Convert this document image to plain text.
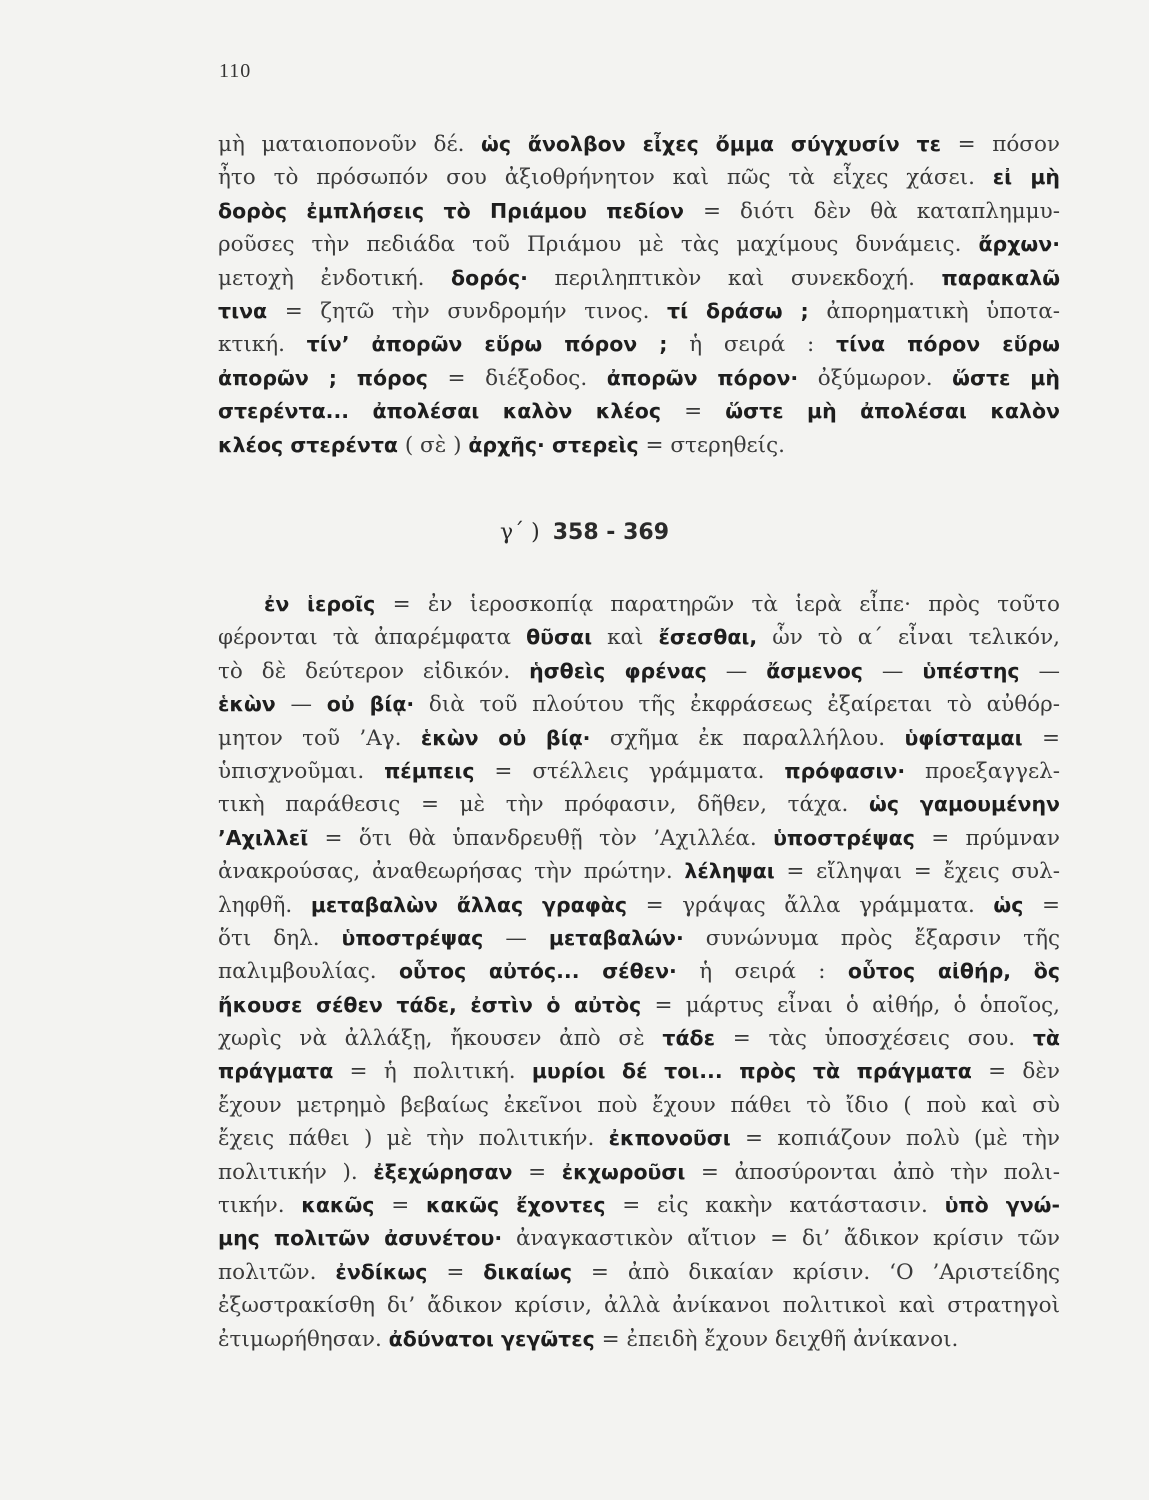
110
μὴ ματαιοπονοῦν δέ. ὡς ἄνολβον εἶχες ὄμμα σύγχυσίν τε = πόσον
ἦτο τὸ πρόσωπόν σου ἀξιοθρήνητον καὶ πῶς τὰ εἶχες χάσει. εἰ μὴ
δορὸς ἐμπλήσεις τὸ Πριάμου πεδίον = διότι δὲν θὰ καταπλημμυ-
ροῦσες τὴν πεδιάδα τοῦ Πριάμου μὲ τὰς μαχίμους δυνάμεις. ἄρχων·
μετοχὴ ἐνδοτική. δορός· περιληπτικὸν καὶ συνεκδοχή. παρακαλῶ
τινα = ζητῶ τὴν συνδρομήν τινος. τί δράσω ; ἀπορηματικὴ ὑποτα-
κτική. τίν’ ἀπορῶν εὕρω πόρον ; ἡ σειρά : τίνα πόρον εὕρω
ἀπορῶν ; πόρος = διέξοδος. ἀπορῶν πόρον· ὀξύμωρον. ὥστε μὴ
στερέντα... ἀπολέσαι καλὸν κλέος = ὥστε μὴ ἀπολέσαι καλὸν
κλέος στερέντα ( σὲ ) ἀρχῆς· στερεὶς = στερηθείς.
γ΄ ) 358 - 369
ἐν ἱεροῖς = ἐν ἱεροσκοπίᾳ παρατηρῶν τὰ ἱερὰ εἶπε· πρὸς τοῦτο
φέρονται τὰ ἀπαρέμφατα θῦσαι καὶ ἔσεσθαι, ὧν τὸ α΄ εἶναι τελικόν,
τὸ δὲ δεύτερον εἰδικόν. ἡσθεὶς φρένας — ἄσμενος — ὑπέστης —
ἑκὼν — οὐ βίᾳ· διὰ τοῦ πλούτου τῆς ἐκφράσεως ἐξαίρεται τὸ αὐθόρ-
μητον τοῦ ’Αγ. ἑκὼν οὐ βίᾳ· σχῆμα ἐκ παραλλήλου. ὑφίσταμαι =
ὑπισχνοῦμαι. πέμπεις = στέλλεις γράμματα. πρόφασιν· προεξαγγελ-
τικὴ παράθεσις = μὲ τὴν πρόφασιν, δῆθεν, τάχα. ὡς γαμουμένην
’Αχιλλεῖ = ὅτι θὰ ὑπανδρευθῇ τὸν ’Αχιλλέα. ὑποστρέψας = πρύμναν
ἀνακρούσας, ἀναθεωρήσας τὴν πρώτην. λέληψαι = εἴληψαι = ἔχεις συλ-
ληφθῆ. μεταβαλὼν ἄλλας γραφὰς = γράψας ἄλλα γράμματα. ὡς =
ὅτι δηλ. ὑποστρέψας — μεταβαλών· συνώνυμα πρὸς ἔξαρσιν τῆς
παλιμβουλίας. οὗτος αὐτός... σέθεν· ἡ σειρά : οὗτος αἰθήρ, ὃς
ἤκουσε σέθεν τάδε, ἐστὶν ὁ αὐτὸς = μάρτυς εἶναι ὁ αἰθήρ, ὁ ὁποῖος,
χωρὶς νὰ ἀλλάξῃ, ἤκουσεν ἀπὸ σὲ τάδε = τὰς ὑποσχέσεις σου. τὰ
πράγματα = ἡ πολιτική. μυρίοι δέ τοι... πρὸς τὰ πράγματα = δὲν
ἔχουν μετρημὸ βεβαίως ἐκεῖνοι ποὺ ἔχουν πάθει τὸ ἴδιο ( ποὺ καὶ σὺ
ἔχεις πάθει ) μὲ τὴν πολιτικήν. ἐκπονοῦσι = κοπιάζουν πολὺ (μὲ τὴν
πολιτικήν ). ἐξεχώρησαν = ἐκχωροῦσι = ἀποσύρονται ἀπὸ τὴν πολι-
τικήν. κακῶς = κακῶς ἔχοντες = εἰς κακὴν κατάστασιν. ὑπὸ γνώ-
μης πολιτῶν ἀσυνέτου· ἀναγκαστικὸν αἴτιον = δι’ ἄδικον κρίσιν τῶν
πολιτῶν. ἐνδίκως = δικαίως = ἀπὸ δικαίαν κρίσιν. ‘Ο ’Αριστείδης
ἐξωστρακίσθη δι’ ἄδικον κρίσιν, ἀλλὰ ἀνίκανοι πολιτικοὶ καὶ στρατηγοὶ
ἐτιμωρήθησαν. ἀδύνατοι γεγῶτες = ἐπειδὴ ἔχουν δειχθῆ ἀνίκανοι.
